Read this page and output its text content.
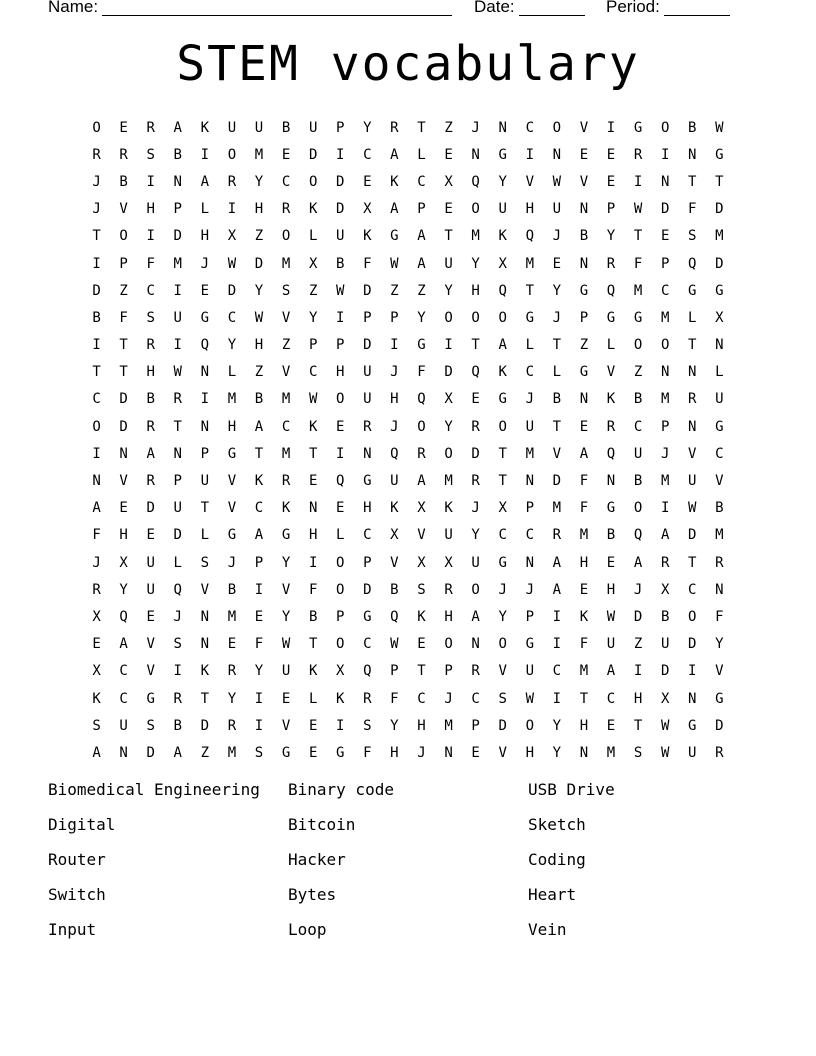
Name:	Date:	Period:
STEM vocabulary
O	E	R	A	K	U	U	B	U	P	Y	R	T	Z	J	N	C	O	V	I	G	O	B	W
R	R	S	B	I	O	M	E	D	I	C	A	L	E	N	G	I	N	E	E	R	I	N	G
J	B	I	N	A	R	Y	C	O	D	E	K	C	X	Q	Y	V	W	V	E	I	N	T	T
J	V	H	P	L	I	H	R	K	D	X	A	P	E	O	U	H	U	N	P	W	D	F	D
T	O	I	D	H	X	Z	O	L	U	K	G	A	T	M	K	Q	J	B	Y	T	E	S	M
I	P	F	M	J	W	D	M	X	B	F	W	A	U	Y	X	M	E	N	R	F	P	Q	D
D	Z	C	I	E	D	Y	S	Z	W	D	Z	Z	Y	H	Q	T	Y	G	Q	M	C	G	G
B	F	S	U	G	C	W	V	Y	I	P	P	Y	O	O	O	G	J	P	G	G	M	L	X
I	T	R	I	Q	Y	H	Z	P	P	D	I	G	I	T	A	L	T	Z	L	O	O	T	N
T	T	H	W	N	L	Z	V	C	H	U	J	F	D	Q	K	C	L	G	V	Z	N	N	L
C	D	B	R	I	M	B	M	W	O	U	H	Q	X	E	G	J	B	N	K	B	M	R	U
O	D	R	T	N	H	A	C	K	E	R	J	O	Y	R	O	U	T	E	R	C	P	N	G
I	N	A	N	P	G	T	M	T	I	N	Q	R	O	D	T	M	V	A	Q	U	J	V	C
N	V	R	P	U	V	K	R	E	Q	G	U	A	M	R	T	N	D	F	N	B	M	U	V
A	E	D	U	T	V	C	K	N	E	H	K	X	K	J	X	P	M	F	G	O	I	W	B
F	H	E	D	L	G	A	G	H	L	C	X	V	U	Y	C	C	R	M	B	Q	A	D	M
J	X	U	L	S	J	P	Y	I	O	P	V	X	X	U	G	N	A	H	E	A	R	T	R
R	Y	U	Q	V	B	I	V	F	O	D	B	S	R	O	J	J	A	E	H	J	X	C	N
X	Q	E	J	N	M	E	Y	B	P	G	Q	K	H	A	Y	P	I	K	W	D	B	O	F
E	A	V	S	N	E	F	W	T	O	C	W	E	O	N	O	G	I	F	U	Z	U	D	Y
X	C	V	I	K	R	Y	U	K	X	Q	P	T	P	R	V	U	C	M	A	I	D	I	V
K	C	G	R	T	Y	I	E	L	K	R	F	C	J	C	S	W	I	T	C	H	X	N	G
S	U	S	B	D	R	I	V	E	I	S	Y	H	M	P	D	O	Y	H	E	T	W	G	D
A	N	D	A	Z	M	S	G	E	G	F	H	J	N	E	V	H	Y	N	M	S	W	U	R
Biomedical Engineering	Binary code	USB Drive
Digital	Bitcoin	Sketch
Router	Hacker	Coding
Switch	Bytes	Heart
Input	Loop	Vein
